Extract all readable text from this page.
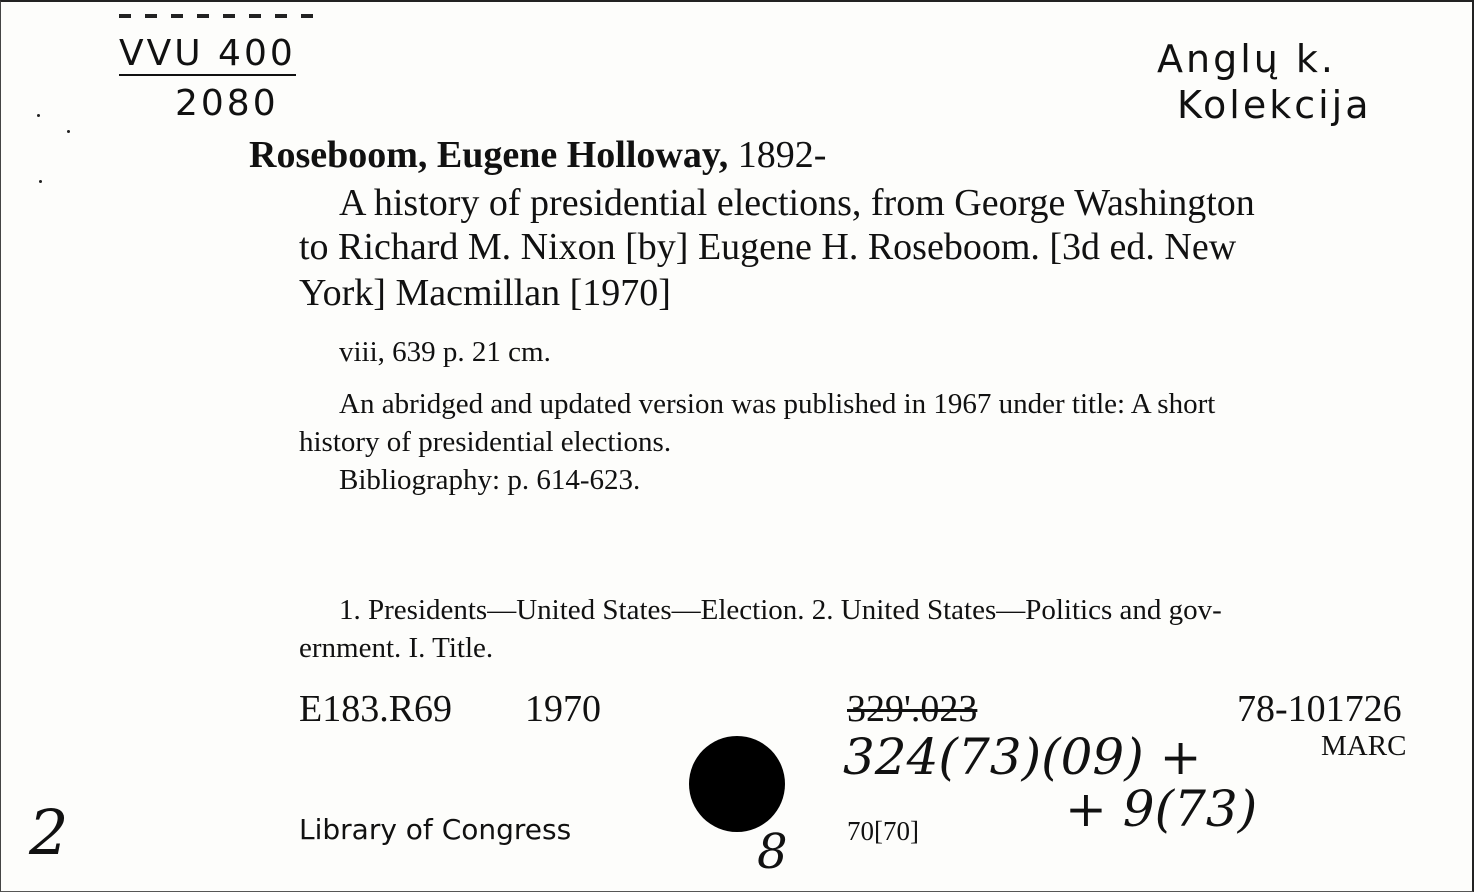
VVU 400
2080
Anglų k.
Kolekcija
Roseboom, Eugene Holloway, 1892-
A history of presidential elections, from George Washington
to Richard M. Nixon [by] Eugene H. Roseboom. [3d ed. New
York] Macmillan [1970]
viii, 639 p. 21 cm.
An abridged and updated version was published in 1967 under title: A short
history of presidential elections.
Bibliography: p. 614-623.
1. Presidents—United States—Election. 2. United States—Politics and gov-
ernment. I. Title.
E183.R69 1970	329'.023	78-101726
MARC
324(73)(09) +
+ 9(73)
Library of Congress	70[70]
2	8
